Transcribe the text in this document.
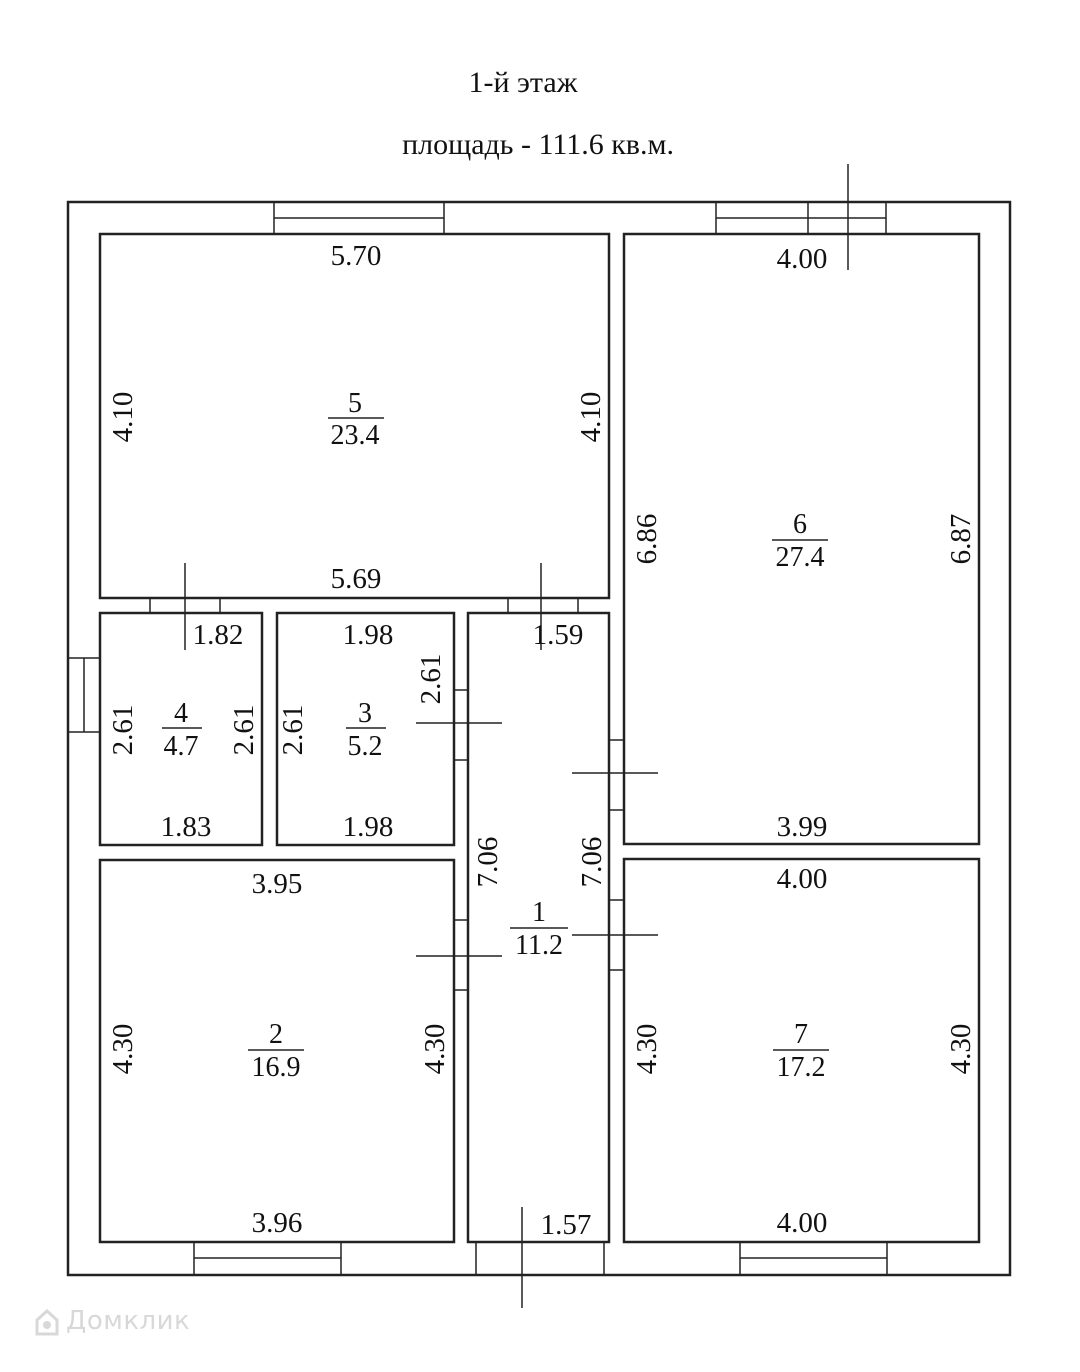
1-й этаж
площадь - 111.6 кв.м.
5
23.4
6
27.4
4
4.7
3
5.2
1
11.2
2
16.9
7
17.2
5.70
4.10	4.10
5.69
4.00
6.86	6.87
3.99
1.82
2.61	2.61
1.83
1.98
2.61
2.61
1.98
1.59
7.06 7.06
1.57
3.95
4.30	4.30
3.96
4.00
4.30	4.30
4.00
Домклик
